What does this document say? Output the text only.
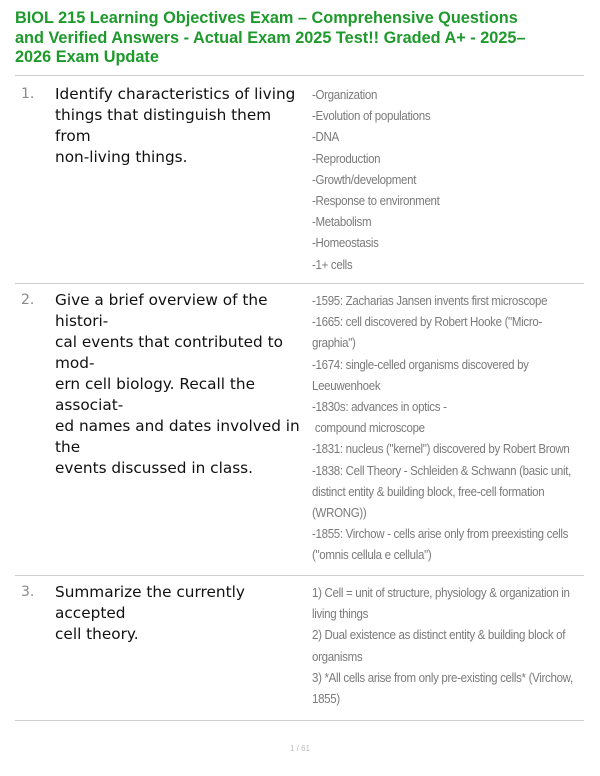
BIOL 215 Learning Objectives Exam – Comprehensive Questions
and Verified Answers - Actual Exam 2025 Test!! Graded A+ - 2025–
2026 Exam Update
1. Identify characteristics of living
things that distinguish them from
non-living things.
-Organization
-Evolution of populations
-DNA
-Reproduction
-Growth/development
-Response to environment
-Metabolism
-Homeostasis
-1+ cells
2. Give a brief overview of the histori-
cal events that contributed to mod-
ern cell biology. Recall the associat-
ed names and dates involved in the
events discussed in class.
-1595: Zacharias Jansen invents first microscope
-1665: cell discovered by Robert Hooke ("Micro-
graphia")
-1674: single-celled organisms discovered by
Leeuwenhoek
-1830s: advances in optics -
compound microscope
-1831: nucleus ("kernel") discovered by Robert Brown
-1838: Cell Theory - Schleiden & Schwann (basic unit,
distinct entity & building block, free-cell formation
(WRONG))
-1855: Virchow - cells arise only from preexisting cells
("omnis cellula e cellula")
3. Summarize the currently accepted
cell theory.
1) Cell = unit of structure, physiology & organization in
living things
2) Dual existence as distinct entity & building block of
organisms
3) *All cells arise from only pre-existing cells* (Virchow,
1855)
1 / 61
